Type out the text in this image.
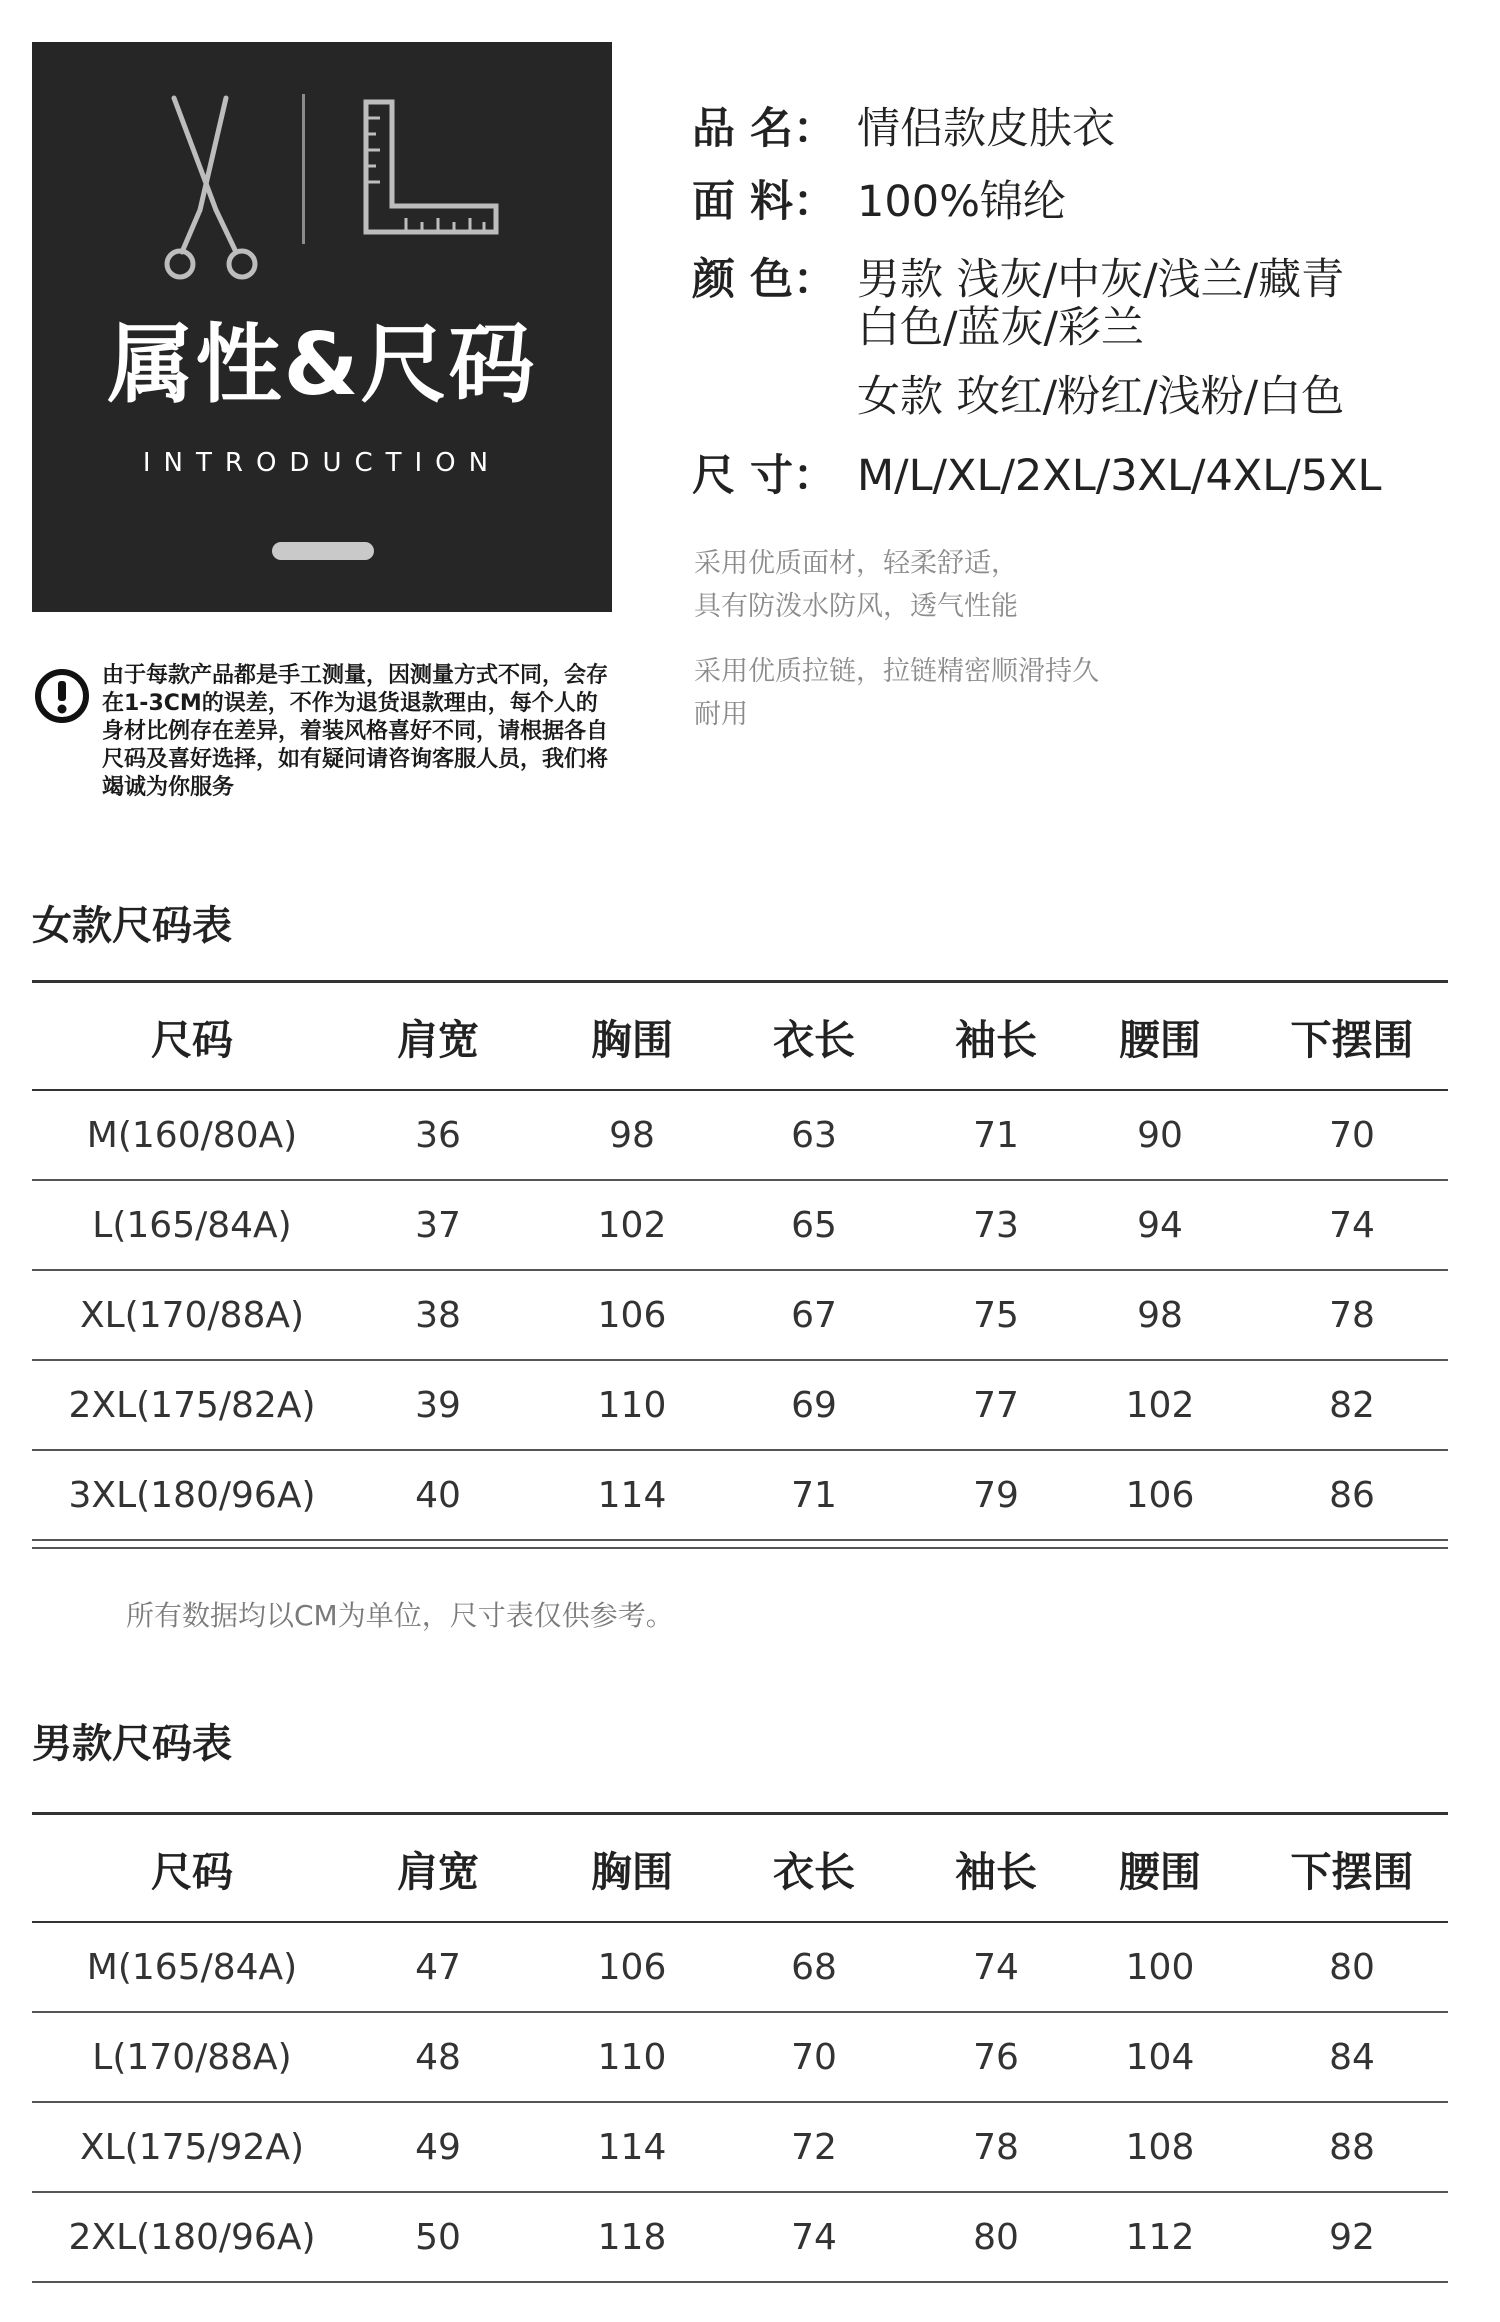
属性&尺码
INTRODUCTION
由于每款产品都是手工测量，因测量方式不同，会存在1-3CM的误差，不作为退货退款理由，每个人的身材比例存在差异，着装风格喜好不同，请根据各自尺码及喜好选择，如有疑问请咨询客服人员，我们将竭诚为你服务
品 名： 情侣款皮肤衣
面 料： 100%锦纶
颜 色： 男款 浅灰/中灰/浅兰/藏青
白色/蓝灰/彩兰
女款 玫红/粉红/浅粉/白色
尺 寸： M/L/XL/2XL/3XL/4XL/5XL
采用优质面材，轻柔舒适，
具有防泼水防风，透气性能
采用优质拉链，拉链精密顺滑持久
耐用
女款尺码表
尺码	肩宽	胸围	衣长	袖长	腰围	下摆围
M(160/80A)	36	98	63	71	90	70
L(165/84A)	37	102	65	73	94	74
XL(170/88A)	38	106	67	75	98	78
2XL(175/82A)	39	110	69	77	102	82
3XL(180/96A)	40	114	71	79	106	86
所有数据均以CM为单位，尺寸表仅供参考。
男款尺码表
尺码	肩宽	胸围	衣长	袖长	腰围	下摆围
M(165/84A)	47	106	68	74	100	80
L(170/88A)	48	110	70	76	104	84
XL(175/92A)	49	114	72	78	108	88
2XL(180/96A)	50	118	74	80	112	92
